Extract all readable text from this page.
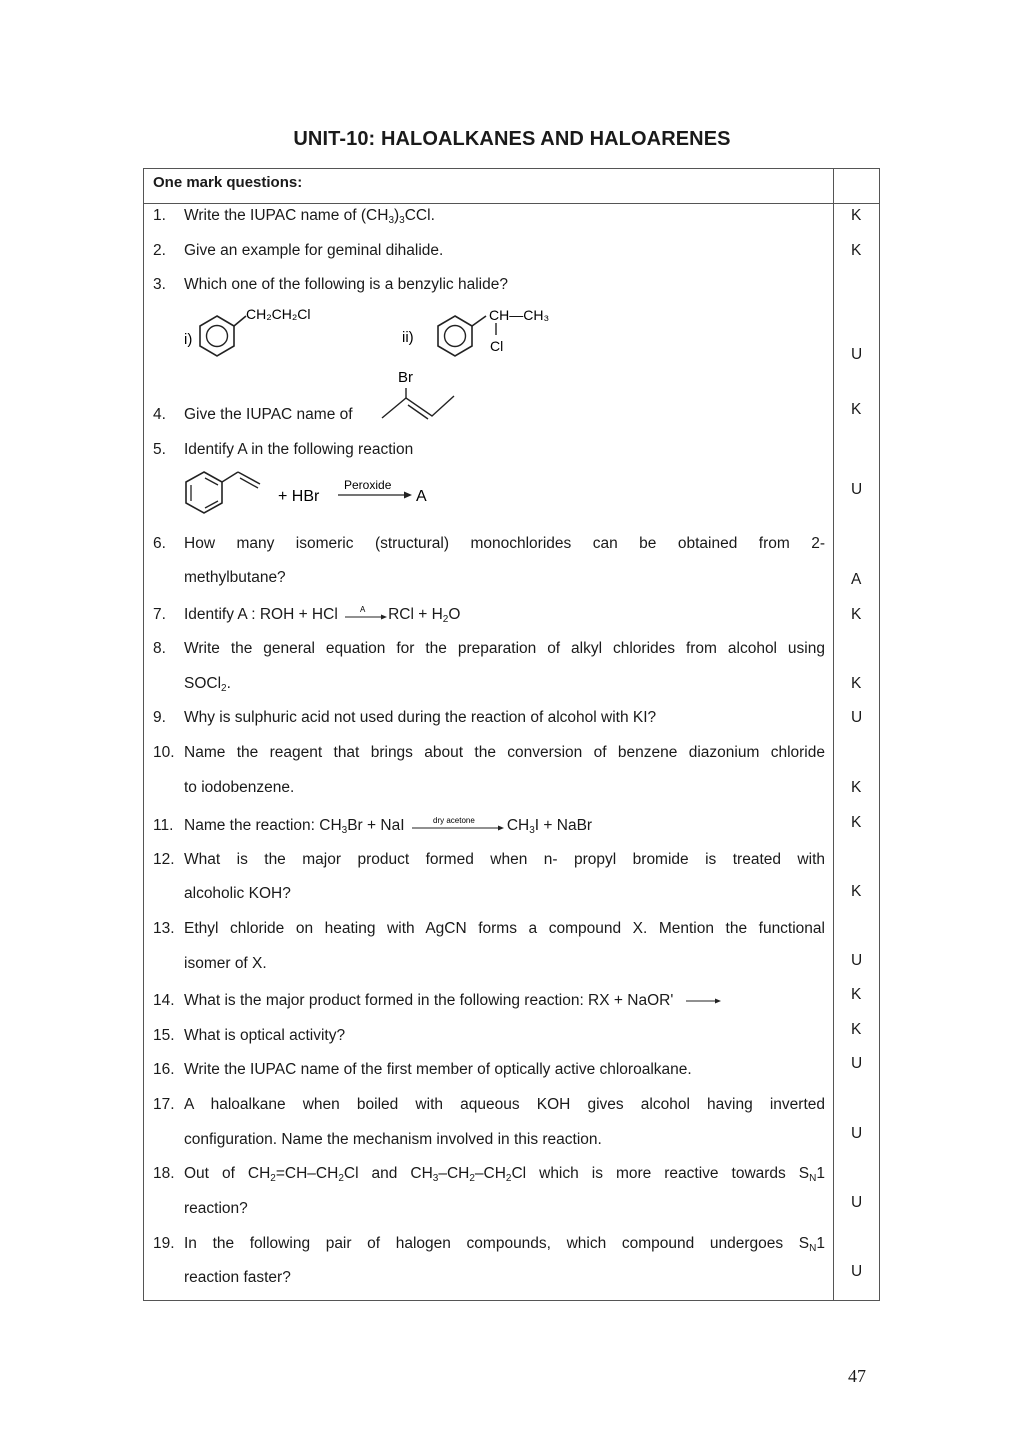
UNIT-10: HALOALKANES AND HALOARENES
One mark questions:
1. Write the IUPAC name of $(CH_3)_3CCl$.	K
2. Give an example for geminal dihalide.	K
3. Which one of the following is a benzylic halide?
U
i)
CH₂CH₂Cl
ii)
CH—CH₃
Cl
4. Give the IUPAC name of	K
Br
5. Identify A in the following reaction
U
+ HBr
Peroxide
A
6. How many isomeric (structural) monochlorides can be obtained from 2-
methylbutane?	A
7. Identify A : ROH + HCl	A RCl + $H_2O$	K
8. Write the general equation for the preparation of alkyl chlorides from alcohol using
SOCl$_2$.	K
9. Why is sulphuric acid not used during the reaction of alcohol with KI?	U
10. Name the reagent that brings about the conversion of benzene diazonium chloride
to iodobenzene.	K
11. Name the reaction: $CH_3Br$ + NaI	dry acetone $CH_3I$ + NaBr	K
12. What is the major product formed when n- propyl bromide is treated with
alcoholic KOH?	K
13. Ethyl chloride on heating with AgCN forms a compound X. Mention the functional
isomer of X.	U
14. What is the major product formed in the following reaction: RX + NaOR' →	K
15. What is optical activity?	K
16. Write the IUPAC name of the first member of optically active chloroalkane.	U
17. A haloalkane when boiled with aqueous KOH gives alcohol having inverted
configuration. Name the mechanism involved in this reaction.	U
18. Out of $CH_2=CH-CH_2Cl$ and $CH_3-CH_2-CH_2Cl$ which is more reactive towards $S_N1$
reaction?	U
19. In the following pair of halogen compounds, which compound undergoes $S_N1$
reaction faster?	U
47
